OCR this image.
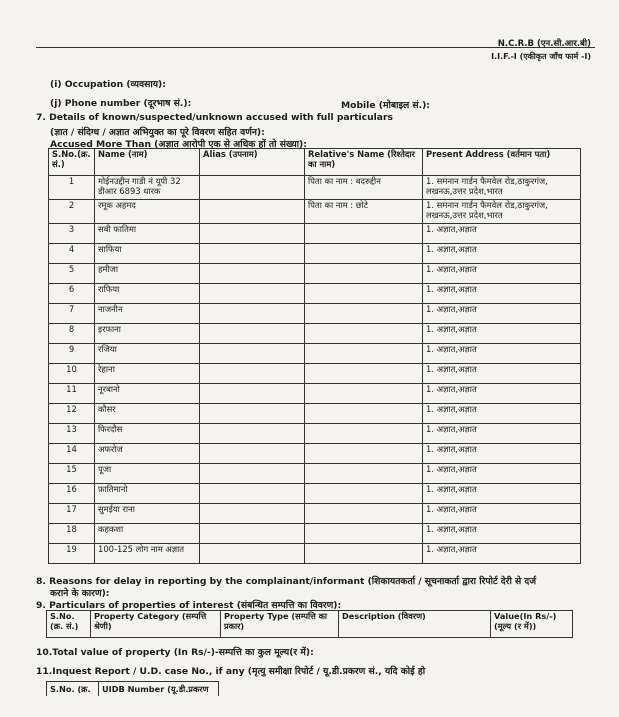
N.C.R.B (एन.सी.आर.बी)
I.I.F.-I (एकीकृत जाँच फार्म -I)
(i) Occupation (व्यवसाय):
(j) Phone number (दूरभाष सं.):	Mobile (मोबाइल सं.):
7. Details of known/suspected/unknown accused with full particulars
(ज्ञात / संदिग्ध / अज्ञात अभियुक्त का पूरे विवरण सहित वर्णन):
Accused More Than (अज्ञात आरोपी एक से अधिक हों तो संख्या):
S.No.(क्र. सं.)	Name (नाम)	Alias (उपनाम)	Relative's Name (रिश्तेदार का नाम)	Present Address (वर्तमान पता)
1	मोईनउद्दीन गाडी नं यूपी 32 डीआर 6893 धारक		पिता का नाम : बदरुद्दीन	1. समनान गार्डन फैमवेल रोड,ठाकुरगंज, लखनऊ,उत्तर प्रदेश,भारत
2	रमूक अहमद		पिता का नाम : छोटे	1. समनान गार्डन फैमवेल रोड,ठाकुरगंज, लखनऊ,उत्तर प्रदेश,भारत
3	सबी फातिमा			1. अज्ञात,अज्ञात
4	साफिया			1. अज्ञात,अज्ञात
5	हमीजा			1. अज्ञात,अज्ञात
6	राफिया			1. अज्ञात,अज्ञात
7	नाजनीन			1. अज्ञात,अज्ञात
8	इरफाना			1. अज्ञात,अज्ञात
9	रजिया			1. अज्ञात,अज्ञात
10	रेहाना			1. अज्ञात,अज्ञात
11	नूरबानो			1. अज्ञात,अज्ञात
12	कौसर			1. अज्ञात,अज्ञात
13	फिरदौस			1. अज्ञात,अज्ञात
14	अफरोज			1. अज्ञात,अज्ञात
15	पूजा			1. अज्ञात,अज्ञात
16	फ़ातिमानो			1. अज्ञात,अज्ञात
17	सुमईया राना			1. अज्ञात,अज्ञात
18	कहकशा			1. अज्ञात,अज्ञात
19	100-125 लोग नाम अज्ञात			1. अज्ञात,अज्ञात
8. Reasons for delay in reporting by the complainant/informant (शिकायतकर्ता / सूचनाकर्ता द्वारा रिपोर्ट देरी से दर्ज
कराने के कारण):
9. Particulars of properties of interest (संबन्धित सम्पत्ति का विवरण):
S.No. (क्र. सं.)	Property Category (सम्पत्ति श्रेणी)	Property Type (सम्पत्ति का प्रकार)	Description (विवरण)	Value(In Rs/-) (मूल्य (र में))
10.Total value of property (In Rs/-)-सम्पत्ति का कुल मूल्य(र में):
11.Inquest Report / U.D. case No., if any (मृत्यु समीक्षा रिपोर्ट / यू.डी.प्रकरण सं., यदि कोई हो
S.No. (क्र.	UIDB Number (यू.डी.प्रकरण
